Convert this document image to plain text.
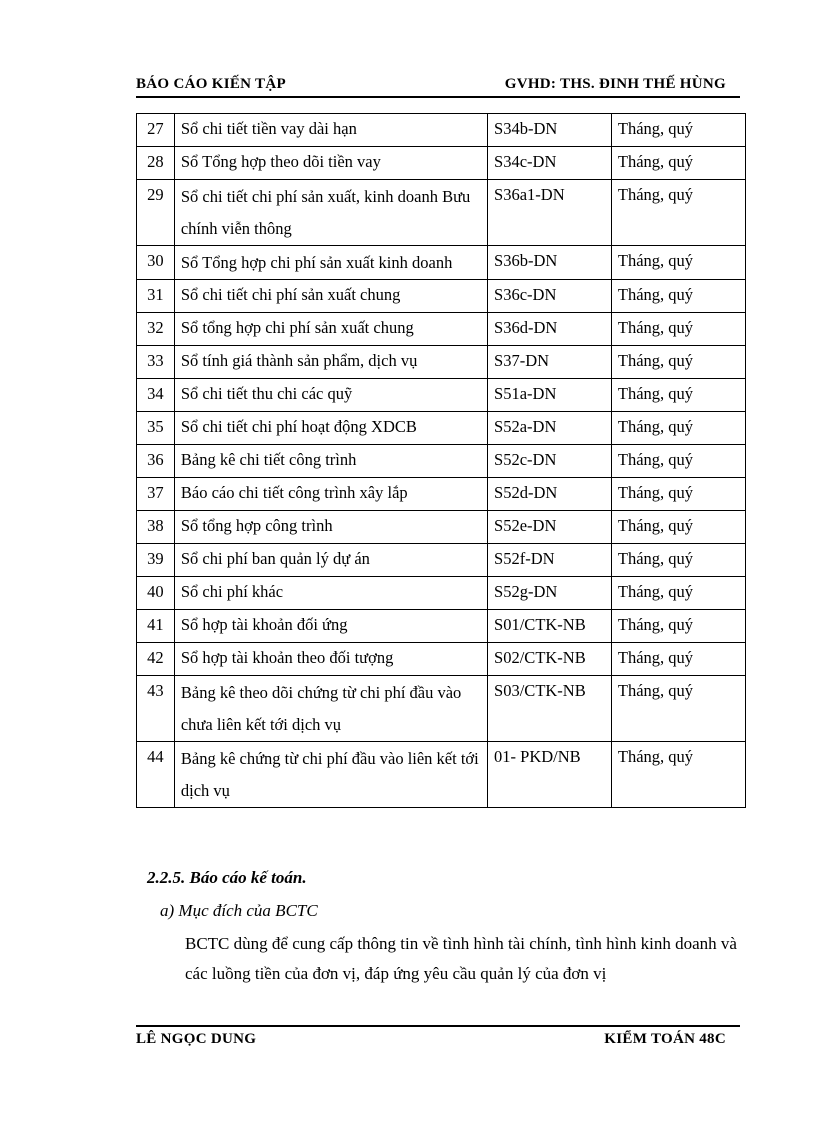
BÁO CÁO KIẾN TẬP	GVHD: THS. ĐINH THẾ HÙNG
27	Sổ chi tiết tiền vay dài hạn	S34b-DN	Tháng, quý
28	Sổ Tổng hợp theo dõi tiền vay	S34c-DN	Tháng, quý
29	Sổ chi tiết chi phí sản xuất, kinh doanh Bưu chính viễn thông	S36a1-DN	Tháng, quý
30	Sổ Tổng hợp chi phí sản xuất kinh doanh	S36b-DN	Tháng, quý
31	Sổ chi tiết chi phí sản xuất chung	S36c-DN	Tháng, quý
32	Sổ tổng hợp chi phí sản xuất chung	S36d-DN	Tháng, quý
33	Sổ tính giá thành sản phẩm, dịch vụ	S37-DN	Tháng, quý
34	Sổ chi tiết thu chi các quỹ	S51a-DN	Tháng, quý
35	Sổ chi tiết chi phí hoạt động XDCB	S52a-DN	Tháng, quý
36	Bảng kê chi tiết công trình	S52c-DN	Tháng, quý
37	Báo cáo chi tiết công trình xây lắp	S52d-DN	Tháng, quý
38	Sổ tổng hợp công trình	S52e-DN	Tháng, quý
39	Sổ chi phí ban quản lý dự án	S52f-DN	Tháng, quý
40	Sổ chi phí khác	S52g-DN	Tháng, quý
41	Sổ hợp tài khoản đối ứng	S01/CTK-NB	Tháng, quý
42	Sổ hợp tài khoản theo đối tượng	S02/CTK-NB	Tháng, quý
43	Bảng kê theo dõi chứng từ chi phí đầu vào chưa liên kết tới dịch vụ	S03/CTK-NB	Tháng, quý
44	Bảng kê chứng từ chi phí đầu vào liên kết tới dịch vụ	01- PKD/NB	Tháng, quý
2.2.5. Báo cáo kế toán.
a) Mục đích của BCTC
BCTC dùng để cung cấp thông tin về tình hình tài chính, tình hình kinh doanh và các luồng tiền của đơn vị, đáp ứng yêu cầu quản lý của đơn vị
LÊ NGỌC DUNG	KIỂM TOÁN 48C
